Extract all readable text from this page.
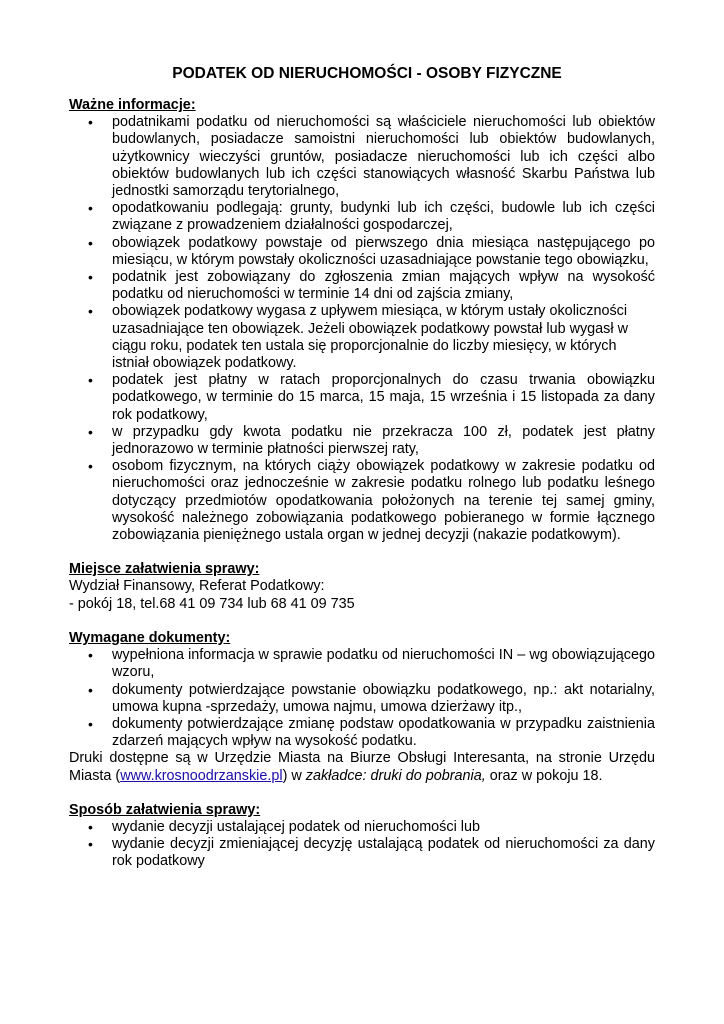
PODATEK OD NIERUCHOMOŚCI - OSOBY FIZYCZNE

Ważne informacje:

• podatnikami podatku od nieruchomości są właściciele nieruchomości lub obiektów budowlanych, posiadacze samoistni nieruchomości lub obiektów budowlanych, użytkownicy wieczyści gruntów, posiadacze nieruchomości lub ich części albo obiektów budowlanych lub ich części stanowiących własność Skarbu Państwa lub jednostki samorządu terytorialnego,
• opodatkowaniu podlegają: grunty, budynki lub ich części, budowle lub ich części związane z prowadzeniem działalności gospodarczej,
• obowiązek podatkowy powstaje od pierwszego dnia miesiąca następującego po miesiącu, w którym powstały okoliczności uzasadniające powstanie tego obowiązku,
• podatnik jest zobowiązany do zgłoszenia zmian mających wpływ na wysokość podatku od nieruchomości w terminie 14 dni od zajścia zmiany,
• obowiązek podatkowy wygasa z upływem miesiąca, w którym ustały okoliczności uzasadniające ten obowiązek. Jeżeli obowiązek podatkowy powstał lub wygasł w ciągu roku, podatek ten ustala się proporcjonalnie do liczby miesięcy, w których istniał obowiązek podatkowy.
• podatek jest płatny w ratach proporcjonalnych do czasu trwania obowiązku podatkowego, w terminie do 15 marca, 15 maja, 15 września i 15 listopada za dany rok podatkowy,
• w przypadku gdy kwota podatku nie przekracza 100 zł, podatek jest płatny jednorazowo w terminie płatności pierwszej raty,
• osobom fizycznym, na których ciąży obowiązek podatkowy w zakresie podatku od nieruchomości oraz jednocześnie w zakresie podatku rolnego lub podatku leśnego dotyczący przedmiotów opodatkowania położonych na terenie tej samej gminy, wysokość należnego zobowiązania podatkowego pobieranego w formie łącznego zobowiązania pieniężnego ustala organ w jednej decyzji (nakazie podatkowym).

Miejsce załatwienia sprawy:

Wydział Finansowy, Referat Podatkowy:

- pokój 18, tel.68 41 09 734 lub 68 41 09 735

Wymagane dokumenty:

• wypełniona informacja w sprawie podatku od nieruchomości IN – wg obowiązującego wzoru,
• dokumenty potwierdzające powstanie obowiązku podatkowego, np.: akt notarialny, umowa kupna -sprzedaży, umowa najmu, umowa dzierżawy itp.,
• dokumenty potwierdzające zmianę podstaw opodatkowania w przypadku zaistnienia zdarzeń mających wpływ na wysokość podatku.

Druki dostępne są w Urzędzie Miasta na Biurze Obsługi Interesanta, na stronie Urzędu Miasta (www.krosnoodrzanskie.pl) w zakładce: druki do pobrania, oraz w pokoju 18.

Sposób załatwienia sprawy:

• wydanie decyzji ustalającej podatek od nieruchomości lub
• wydanie decyzji zmieniającej decyzję ustalającą podatek od nieruchomości za dany rok podatkowy
